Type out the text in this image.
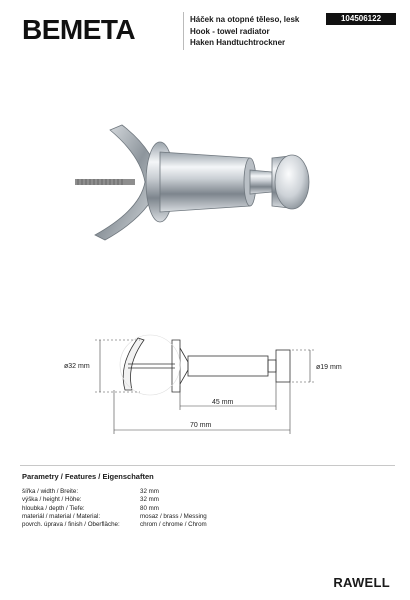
BEMETA	Háček na otopné těleso, lesk
Hook - towel radiator
Haken Handtuchtrockner
104506122
ø32 mm	ø19 mm
45 mm
70 mm
Parametry / Features / Eigenschaften
šířka / width / Breite:	32 mm
výška / height / Höhe:	32 mm
hloubka / depth / Tiefe:	80 mm
materiál / material / Material:	mosaz / brass / Messing
povrch. úprava / finish / Oberfläche:	chrom / chrome / Chrom
RAWELL
